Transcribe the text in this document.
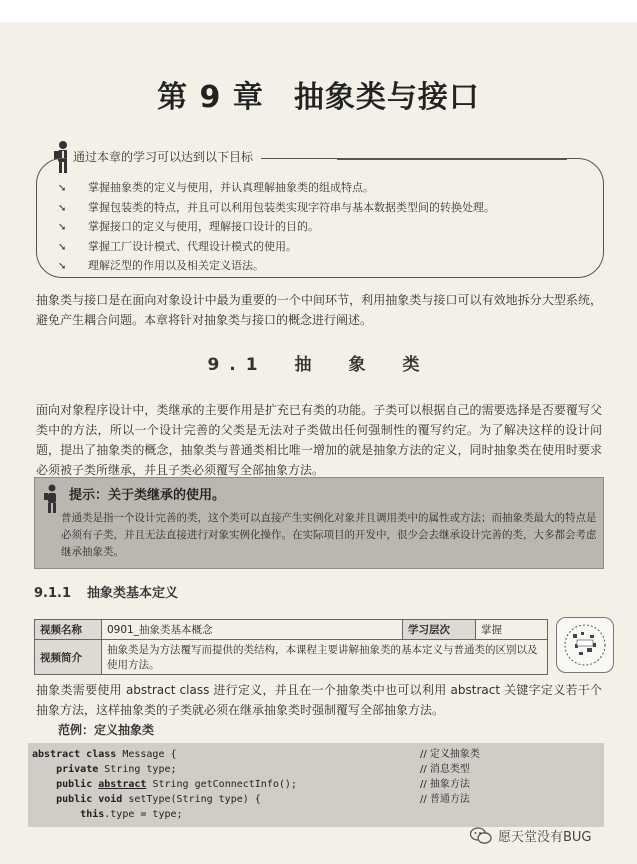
第 9 章 抽象类与接口
通过本章的学习可以达到以下目标
➘ 掌握抽象类的定义与使用，并认真理解抽象类的组成特点。
➘ 掌握包装类的特点，并且可以利用包装类实现字符串与基本数据类型间的转换处理。
➘ 掌握接口的定义与使用，理解接口设计的目的。
➘ 掌握工厂设计模式、代理设计模式的使用。
➘ 理解泛型的作用以及相关定义语法。
抽象类与接口是在面向对象设计中最为重要的一个中间环节，利用抽象类与接口可以有效地拆分大型系统，避免产生耦合问题。本章将针对抽象类与接口的概念进行阐述。
9.1　抽　象　类
面向对象程序设计中，类继承的主要作用是扩充已有类的功能。子类可以根据自己的需要选择是否要覆写父类中的方法，所以一个设计完善的父类是无法对子类做出任何强制性的覆写约定。为了解决这样的设计问题，提出了抽象类的概念，抽象类与普通类相比唯一增加的就是抽象方法的定义，同时抽象类在使用时要求必须被子类所继承，并且子类必须覆写全部抽象方法。
提示：关于类继承的使用。
普通类是指一个设计完善的类，这个类可以直接产生实例化对象并且调用类中的属性或方法；而抽象类最大的特点是必须有子类，并且无法直接进行对象实例化操作。在实际项目的开发中，很少会去继承设计完善的类，大多都会考虑继承抽象类。
9.1.1 抽象类基本定义
视频名称	0901_抽象类基本概念	学习层次	掌握
视频简介	抽象类是为方法覆写而提供的类结构，本课程主要讲解抽象类的基本定义与普通类的区别以及使用方法。		
抽象类需要使用 abstract class 进行定义，并且在一个抽象类中也可以利用 abstract 关键字定义若干个抽象方法，这样抽象类的子类就必须在继承抽象类时强制覆写全部抽象方法。
范例：定义抽象类
abstract class Message {	// 定义抽象类
private String type;	// 消息类型
public abstract String getConnectInfo();	// 抽象方法
public void setType(String type) {	// 普通方法
this.type = type;
愿天堂没有BUG
